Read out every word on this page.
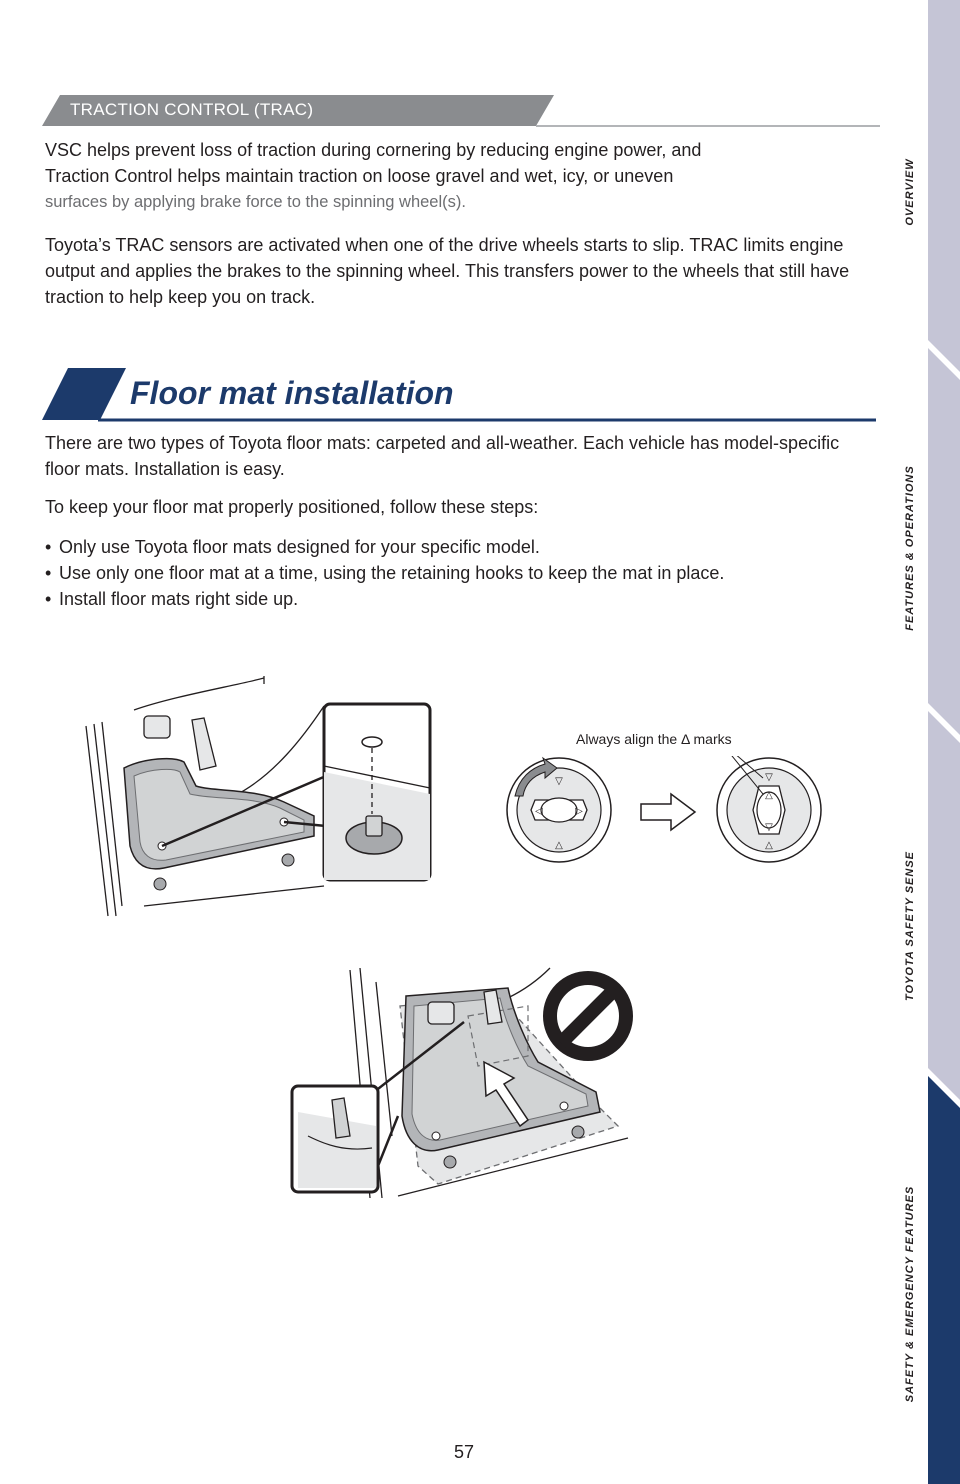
OVERVIEW
FEATURES & OPERATIONS
TOYOTA SAFETY SENSE
SAFETY & EMERGENCY FEATURES
TRACTION CONTROL (TRAC)
VSC helps prevent loss of traction during cornering by reducing engine power, and
Traction Control helps maintain traction on loose gravel and wet, icy, or uneven
surfaces by applying brake force to the spinning wheel(s).

Toyota’s TRAC sensors are activated when one of the drive wheels starts to slip. TRAC limits engine output and applies the brakes to the spinning wheel. This transfers power to the wheels that still have traction to help keep you on track.

Floor mat installation

There are two types of Toyota floor mats: carpeted and all-weather. Each vehicle has model-specific floor mats. Installation is easy.

To keep your floor mat properly positioned, follow these steps:

• Only use Toyota floor mats designed for your specific model.
• Use only one floor mat at a time, using the retaining hooks to keep the mat in place.
• Install floor mats right side up.
Always align the Δ marks
▽
△
◁	▷
▽
△
▽
△
57
